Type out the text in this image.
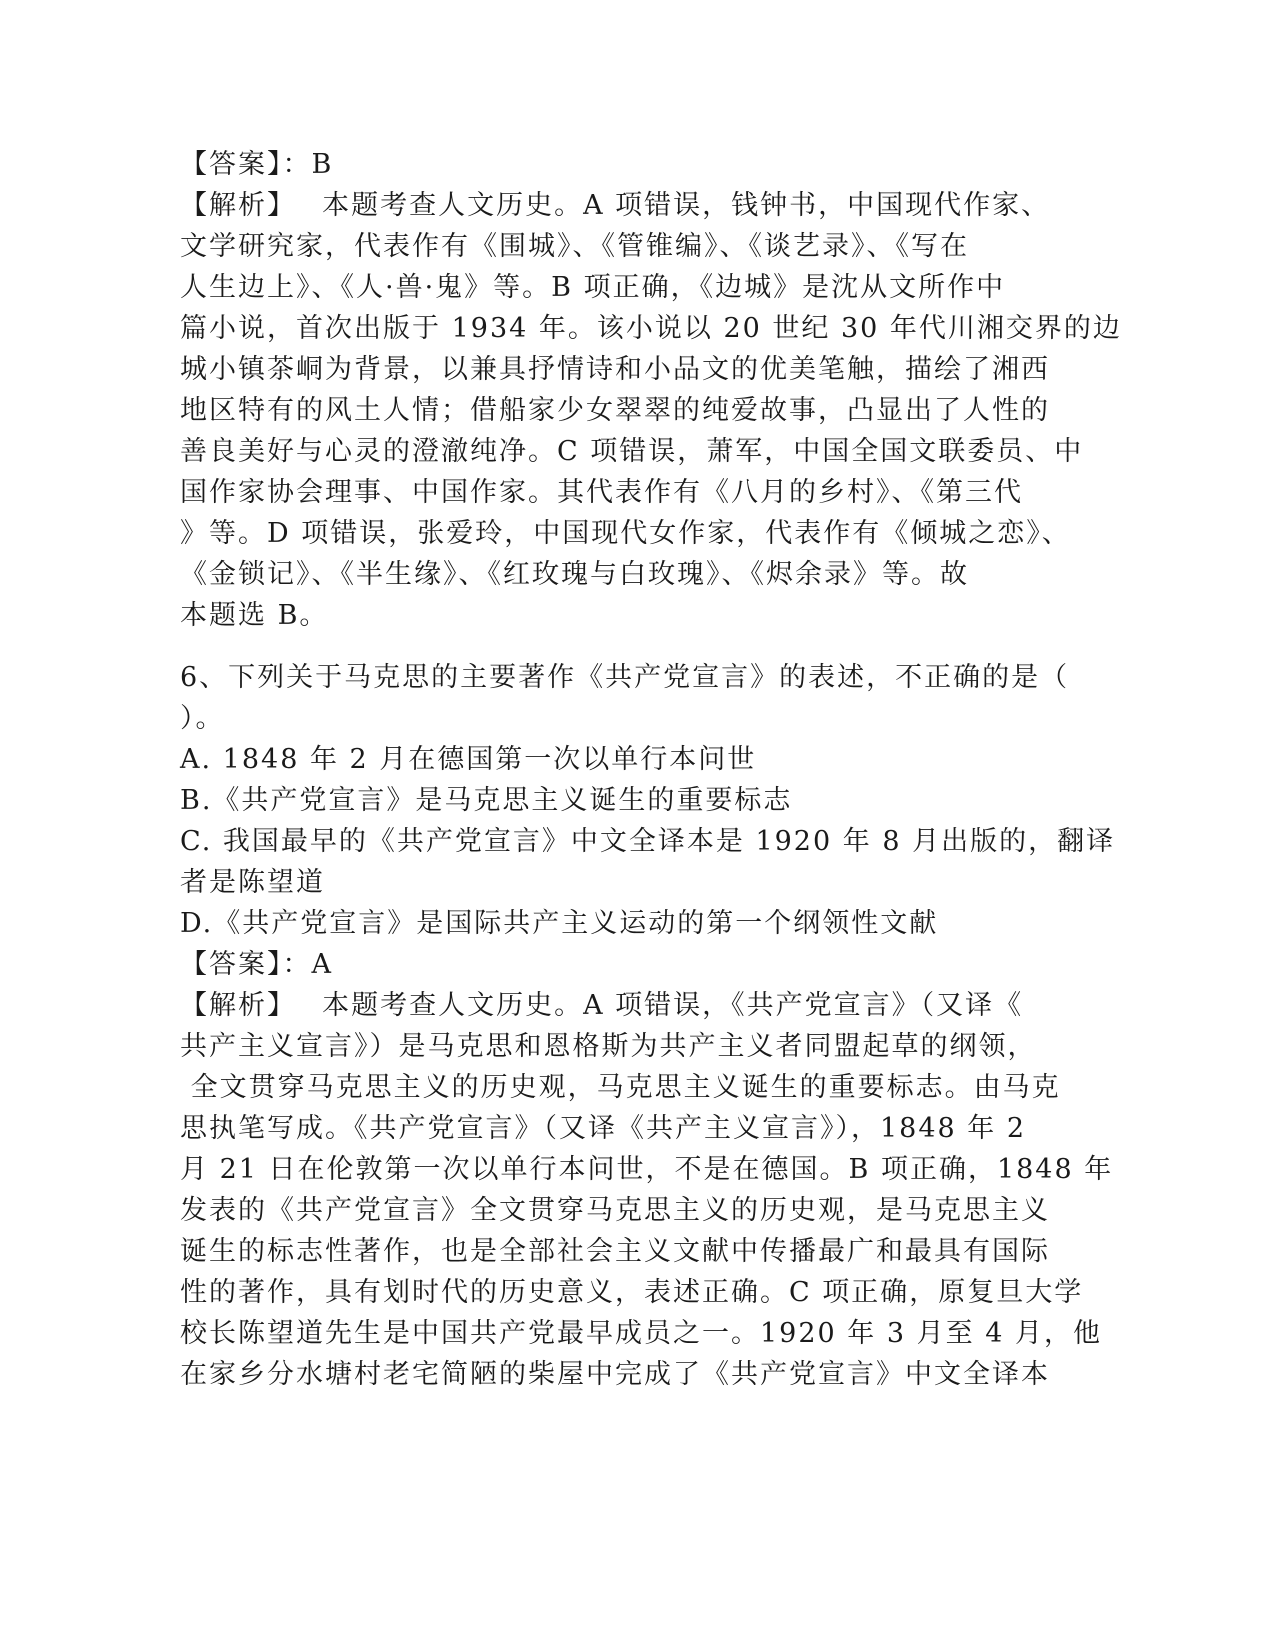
【答案】：B
【解析】　 本题考查人文历史。A 项错误，钱钟书，中国现代作家、
文学研究家，代表作有《围城》、《管锥编》、《谈艺录》、《写在
人生边上》、《人·兽·鬼》等。B 项正确，《边城》是沈从文所作中
篇小说，首次出版于 1934 年。该小说以 20 世纪 30 年代川湘交界的边
城小镇茶峒为背景，以兼具抒情诗和小品文的优美笔触，描绘了湘西
地区特有的风土人情；借船家少女翠翠的纯爱故事，凸显出了人性的
善良美好与心灵的澄澈纯净。C 项错误，萧军，中国全国文联委员、中
国作家协会理事、中国作家。其代表作有《八月的乡村》、《第三代
》等。D 项错误，张爱玲，中国现代女作家，代表作有《倾城之恋》、
《金锁记》、《半生缘》、《红玫瑰与白玫瑰》、《烬余录》等。故
本题选 B。
6、下列关于马克思的主要著作《共产党宣言》的表述，不正确的是（
）。
A. 1848 年 2 月在德国第一次以单行本问世
B.《共产党宣言》是马克思主义诞生的重要标志
C. 我国最早的《共产党宣言》中文全译本是 1920 年 8 月出版的，翻译
者是陈望道
D.《共产党宣言》是国际共产主义运动的第一个纲领性文献
【答案】：A
【解析】　 本题考查人文历史。A 项错误，《共产党宣言》（又译《
共产主义宣言》）是马克思和恩格斯为共产主义者同盟起草的纲领，
全文贯穿马克思主义的历史观，马克思主义诞生的重要标志。由马克
思执笔写成。《共产党宣言》（又译《共产主义宣言》），1848 年 2
月 21 日在伦敦第一次以单行本问世，不是在德国。B 项正确，1848 年
发表的《共产党宣言》全文贯穿马克思主义的历史观，是马克思主义
诞生的标志性著作，也是全部社会主义文献中传播最广和最具有国际
性的著作，具有划时代的历史意义，表述正确。C 项正确，原复旦大学
校长陈望道先生是中国共产党最早成员之一。1920 年 3 月至 4 月，他
在家乡分水塘村老宅简陋的柴屋中完成了《共产党宣言》中文全译本
